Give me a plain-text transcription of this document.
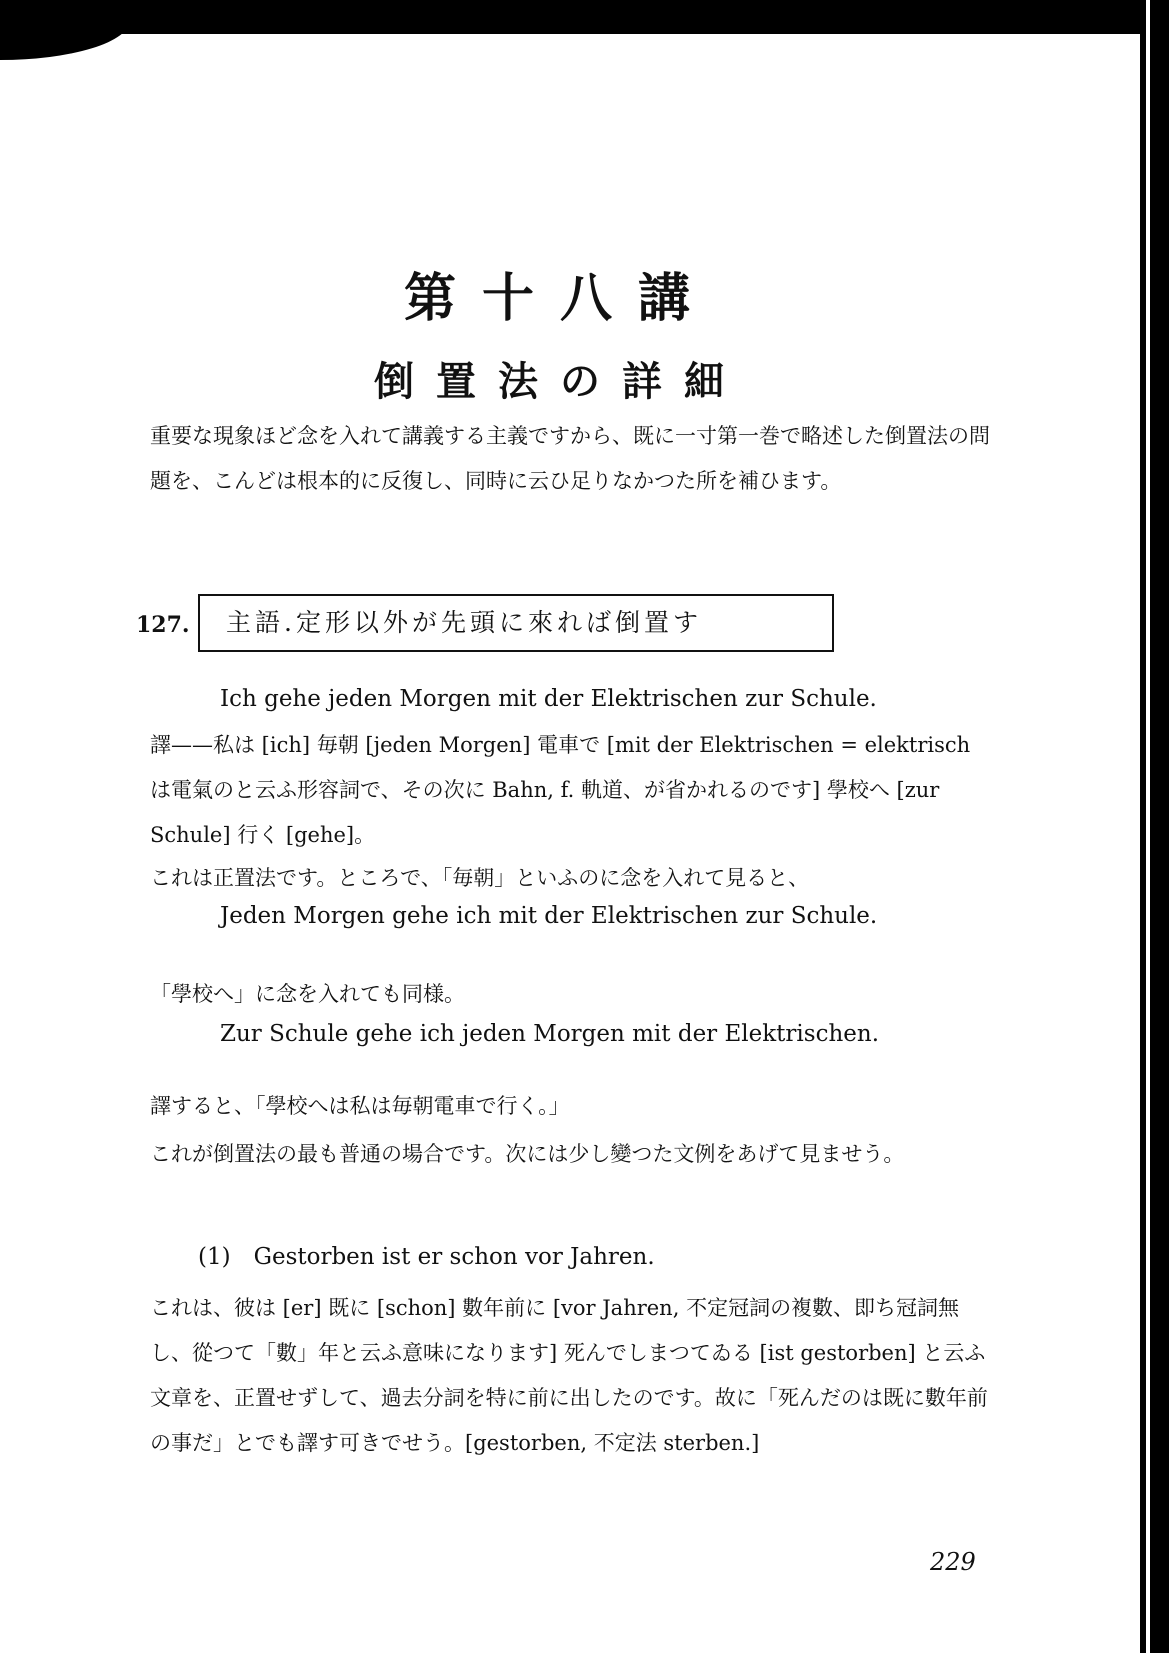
第十八講
倒置法の詳細

重要な現象ほど念を入れて講義する主義ですから、既に一寸第一巻で略述した倒置法の問題を、こんどは根本的に反復し、同時に云ひ足りなかつた所を補ひます。

127.	主語.定形以外が先頭に來れば倒置す
Ich gehe jeden Morgen mit der Elektrischen zur Schule.

譯——私は [ich] 毎朝 [jeden Morgen] 電車で [mit der Elektrischen = elektrisch は電氣のと云ふ形容詞で、その次に Bahn, f. 軌道、が省かれるのです] 學校へ [zur Schule] 行く [gehe]。

これは正置法です。ところで、「毎朝」といふのに念を入れて見ると、
Jeden Morgen gehe ich mit der Elektrischen zur Schule.
「學校へ」に念を入れても同様。
Zur Schule gehe ich jeden Morgen mit der Elektrischen.
譯すると、「學校へは私は毎朝電車で行く。」

これが倒置法の最も普通の場合です。次には少し變つた文例をあげて見ませう。

(1)　Gestorben ist er schon vor Jahren.

これは、彼は [er] 既に [schon] 數年前に [vor Jahren, 不定冠詞の複數、即ち冠詞無し、從つて「數」年と云ふ意味になります] 死んでしまつてゐる [ist gestorben] と云ふ文章を、正置せずして、過去分詞を特に前に出したのです。故に「死んだのは既に數年前の事だ」とでも譯す可きでせう。[gestorben, 不定法 sterben.]

229
